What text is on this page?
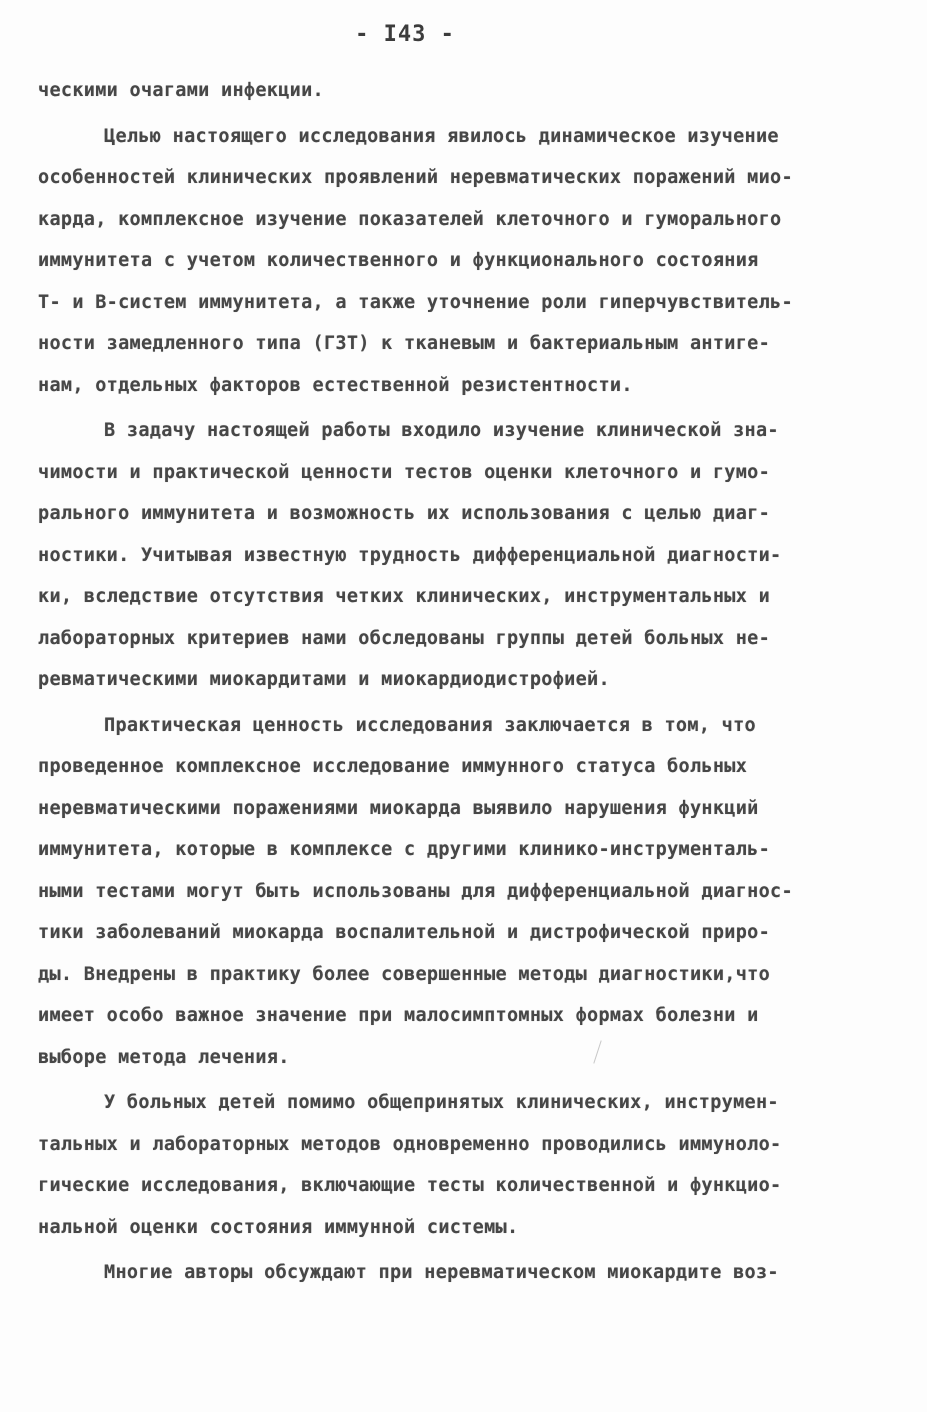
- I43 -
ческими очагами инфекции.
Целью настоящего исследования явилось динамическое изучение
особенностей клинических проявлений неревматических поражений мио-
карда, комплексное изучение показателей клеточного и гуморального
иммунитета с учетом количественного и функционального состояния
Т- и В-систем иммунитета, а также уточнение роли гиперчувствитель-
ности замедленного типа (ГЗТ) к тканевым и бактериальным антиге-
нам, отдельных факторов естественной резистентности.
В задачу настоящей работы входило изучение клинической зна-
чимости и практической ценности тестов оценки клеточного и гумо-
рального иммунитета и возможность их использования с целью диаг-
ностики. Учитывая известную трудность дифференциальной диагности-
ки, вследствие отсутствия четких клинических, инструментальных и
лабораторных критериев нами обследованы группы детей больных не-
ревматическими миокардитами и миокардиодистрофией.
Практическая ценность исследования заключается в том, что
проведенное комплексное исследование иммунного статуса больных
неревматическими поражениями миокарда выявило нарушения функций
иммунитета, которые в комплексе с другими клинико-инструменталь-
ными тестами могут быть использованы для дифференциальной диагнос-
тики заболеваний миокарда воспалительной и дистрофической приро-
ды. Внедрены в практику более совершенные методы диагностики,что
имеет особо важное значение при малосимптомных формах болезни и
выборе метода лечения.
У больных детей помимо общепринятых клинических, инструмен-
тальных и лабораторных методов одновременно проводились иммуноло-
гические исследования, включающие тесты количественной и функцио-
нальной оценки состояния иммунной системы.
Многие авторы обсуждают при неревматическом миокардите воз-
